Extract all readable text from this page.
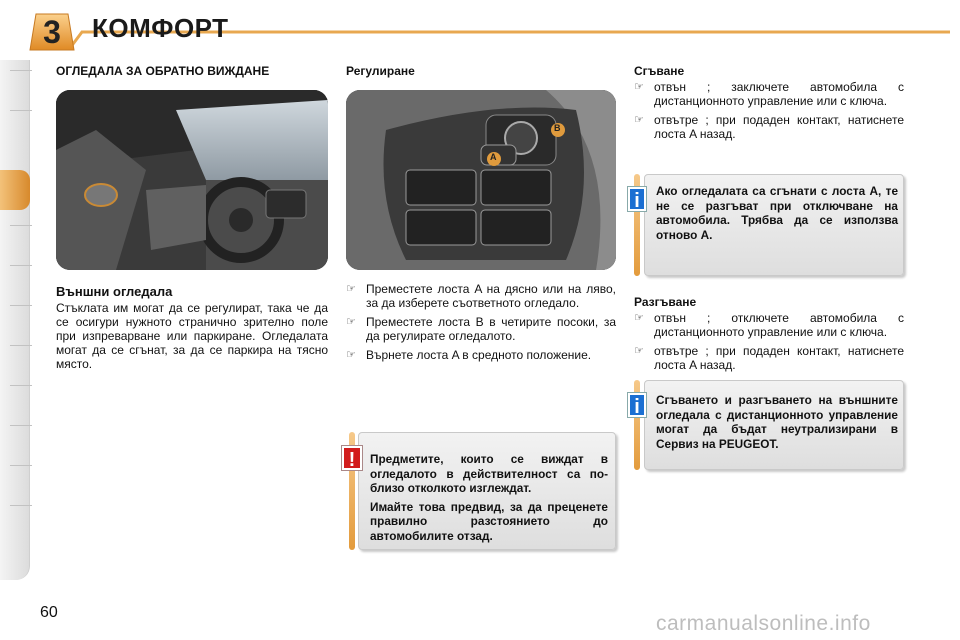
3	КОМФОРТ
ОГЛЕДАЛА ЗА ОБРАТНО ВИЖДАНЕ
Външни огледала

Стъклата им могат да се регулират, така че да се осигури нужното странично зрително поле при изпреварване или паркиране. Огледалата могат да се сгънат, за да се паркира на тясно място.

Регулиране
A
B
☞ Преместете лоста A на дясно или на ляво, за да изберете съответното огледало.
☞ Преместете лоста B в четирите посоки, за да регулирате огледалото.
☞ Върнете лоста A в средното положение.
!	Предметите, които се виждат в огледалото в действителност са по-близо отколкото изглеждат.

Имайте това предвид, за да преценете правилно разстоянието до автомобилите отзад.

Сгъване
☞ отвън ; заключете автомобила с дистанционното управление или с ключа.
☞ отвътре ; при подаден контакт, натиснете лоста A назад.
i	Ако огледалата са сгънати с лоста A, те не се разгъват при отключване на автомобила. Трябва да се използва отново A.
Разгъване
☞ отвън ; отключете автомобила с дистанционното управление или с ключа.
☞ отвътре ; при подаден контакт, натиснете лоста A назад.
i	Сгъването и разгъването на външните огледала с дистанционното управление могат да бъдат неутрализирани в Сервиз на PEUGEOT.
60	carmanualsonline.info
